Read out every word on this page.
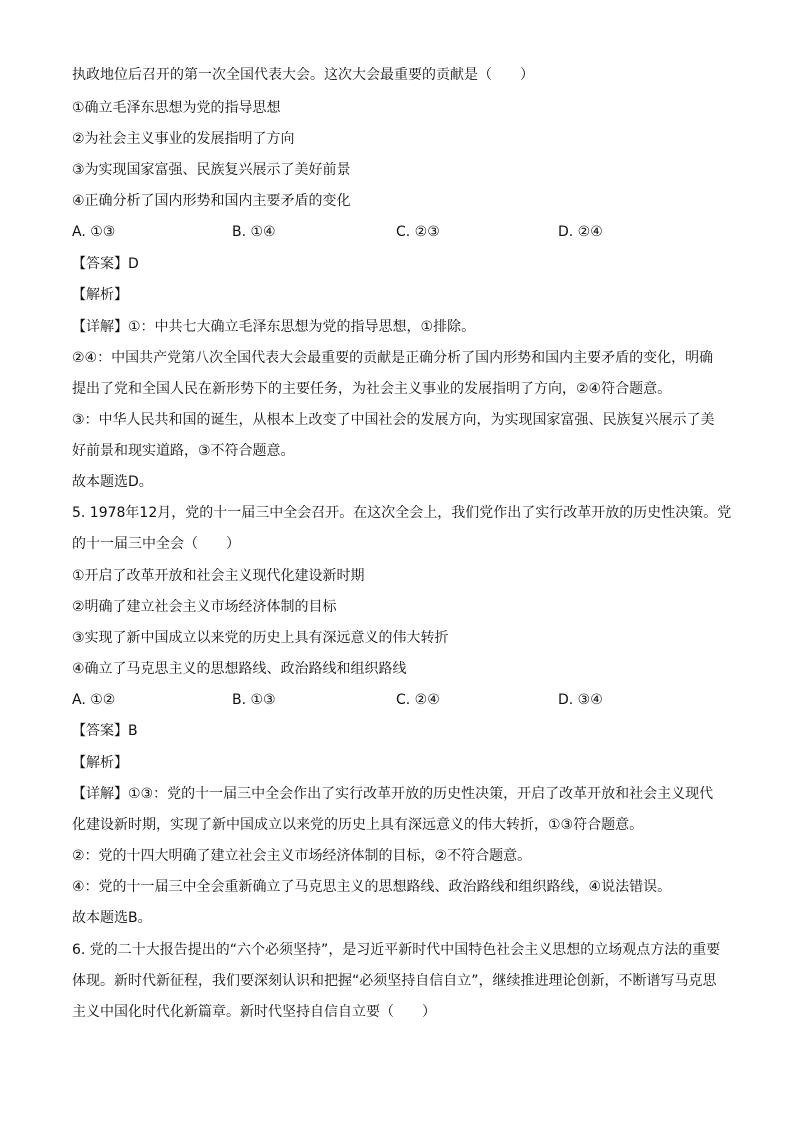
执政地位后召开的第一次全国代表大会。这次大会最重要的贡献是（　　）
①确立毛泽东思想为党的指导思想
②为社会主义事业的发展指明了方向
③为实现国家富强、民族复兴展示了美好前景
④正确分析了国内形势和国内主要矛盾的变化
A. ①③	B. ①④	C. ②③	D. ②④
【答案】D
【解析】
【详解】①：中共七大确立毛泽东思想为党的指导思想，①排除。
②④：中国共产党第八次全国代表大会最重要的贡献是正确分析了国内形势和国内主要矛盾的变化，明确
提出了党和全国人民在新形势下的主要任务，为社会主义事业的发展指明了方向，②④符合题意。
③：中华人民共和国的诞生，从根本上改变了中国社会的发展方向，为实现国家富强、民族复兴展示了美
好前景和现实道路，③不符合题意。
故本题选D。
5. 1978年12月，党的十一届三中全会召开。在这次全会上，我们党作出了实行改革开放的历史性决策。党
的十一届三中全会（　　）
①开启了改革开放和社会主义现代化建设新时期
②明确了建立社会主义市场经济体制的目标
③实现了新中国成立以来党的历史上具有深远意义的伟大转折
④确立了马克思主义的思想路线、政治路线和组织路线
A. ①②	B. ①③	C. ②④	D. ③④
【答案】B
【解析】
【详解】①③：党的十一届三中全会作出了实行改革开放的历史性决策，开启了改革开放和社会主义现代
化建设新时期，实现了新中国成立以来党的历史上具有深远意义的伟大转折，①③符合题意。
②：党的十四大明确了建立社会主义市场经济体制的目标，②不符合题意。
④：党的十一届三中全会重新确立了马克思主义的思想路线、政治路线和组织路线，④说法错误。
故本题选B。
6. 党的二十大报告提出的“六个必须坚持”，是习近平新时代中国特色社会主义思想的立场观点方法的重要
体现。新时代新征程，我们要深刻认识和把握“必须坚持自信自立”，继续推进理论创新，不断谱写马克思
主义中国化时代化新篇章。新时代坚持自信自立要（　　）
